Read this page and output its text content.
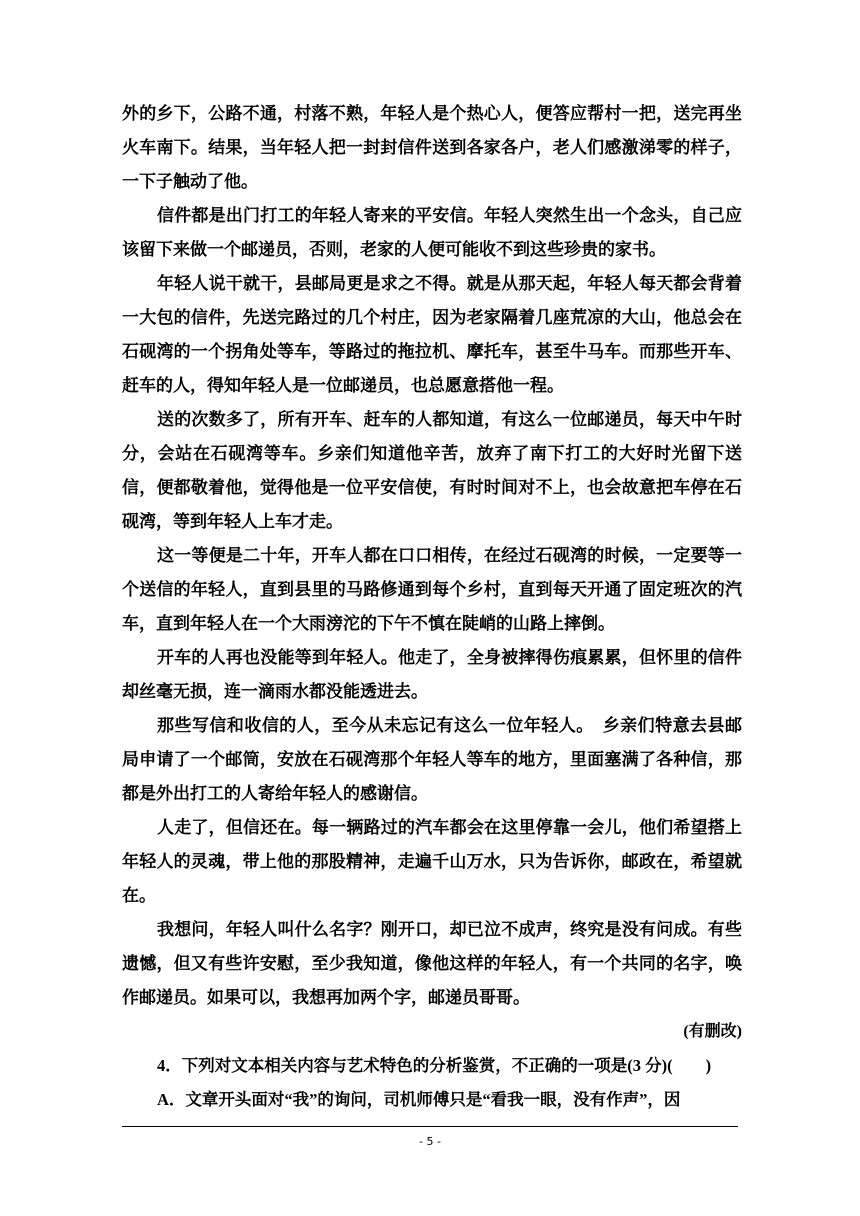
外的乡下，公路不通，村落不熟，年轻人是个热心人，便答应帮村一把，送完再坐火车南下。结果，当年轻人把一封封信件送到各家各户，老人们感激涕零的样子，一下子触动了他。

信件都是出门打工的年轻人寄来的平安信。年轻人突然生出一个念头，自己应该留下来做一个邮递员，否则，老家的人便可能收不到这些珍贵的家书。

年轻人说干就干，县邮局更是求之不得。就是从那天起，年轻人每天都会背着一大包的信件，先送完路过的几个村庄，因为老家隔着几座荒凉的大山，他总会在石砚湾的一个拐角处等车，等路过的拖拉机、摩托车，甚至牛马车。而那些开车、赶车的人，得知年轻人是一位邮递员，也总愿意搭他一程。

送的次数多了，所有开车、赶车的人都知道，有这么一位邮递员，每天中午时分，会站在石砚湾等车。乡亲们知道他辛苦，放弃了南下打工的大好时光留下送信，便都敬着他，觉得他是一位平安信使，有时时间对不上，也会故意把车停在石砚湾，等到年轻人上车才走。

这一等便是二十年，开车人都在口口相传，在经过石砚湾的时候，一定要等一个送信的年轻人，直到县里的马路修通到每个乡村，直到每天开通了固定班次的汽车，直到年轻人在一个大雨滂沱的下午不慎在陡峭的山路上摔倒。

开车的人再也没能等到年轻人。他走了，全身被摔得伤痕累累，但怀里的信件却丝毫无损，连一滴雨水都没能透进去。

那些写信和收信的人，至今从未忘记有这么一位年轻人。　乡亲们特意去县邮局申请了一个邮筒，安放在石砚湾那个年轻人等车的地方，里面塞满了各种信，那都是外出打工的人寄给年轻人的感谢信。

人走了，但信还在。每一辆路过的汽车都会在这里停靠一会儿，他们希望搭上年轻人的灵魂，带上他的那股精神，走遍千山万水，只为告诉你，邮政在，希望就在。

我想问，年轻人叫什么名字？刚开口，却已泣不成声，终究是没有问成。有些遗憾，但又有些许安慰，至少我知道，像他这样的年轻人，有一个共同的名字，唤作邮递员。如果可以，我想再加两个字，邮递员哥哥。

(有删改)

4．下列对文本相关内容与艺术特色的分析鉴赏，不正确的一项是(3 分)(　　)

A．文章开头面对“我”的询问，司机师傅只是“看我一眼，没有作声”，因

- 5 -
